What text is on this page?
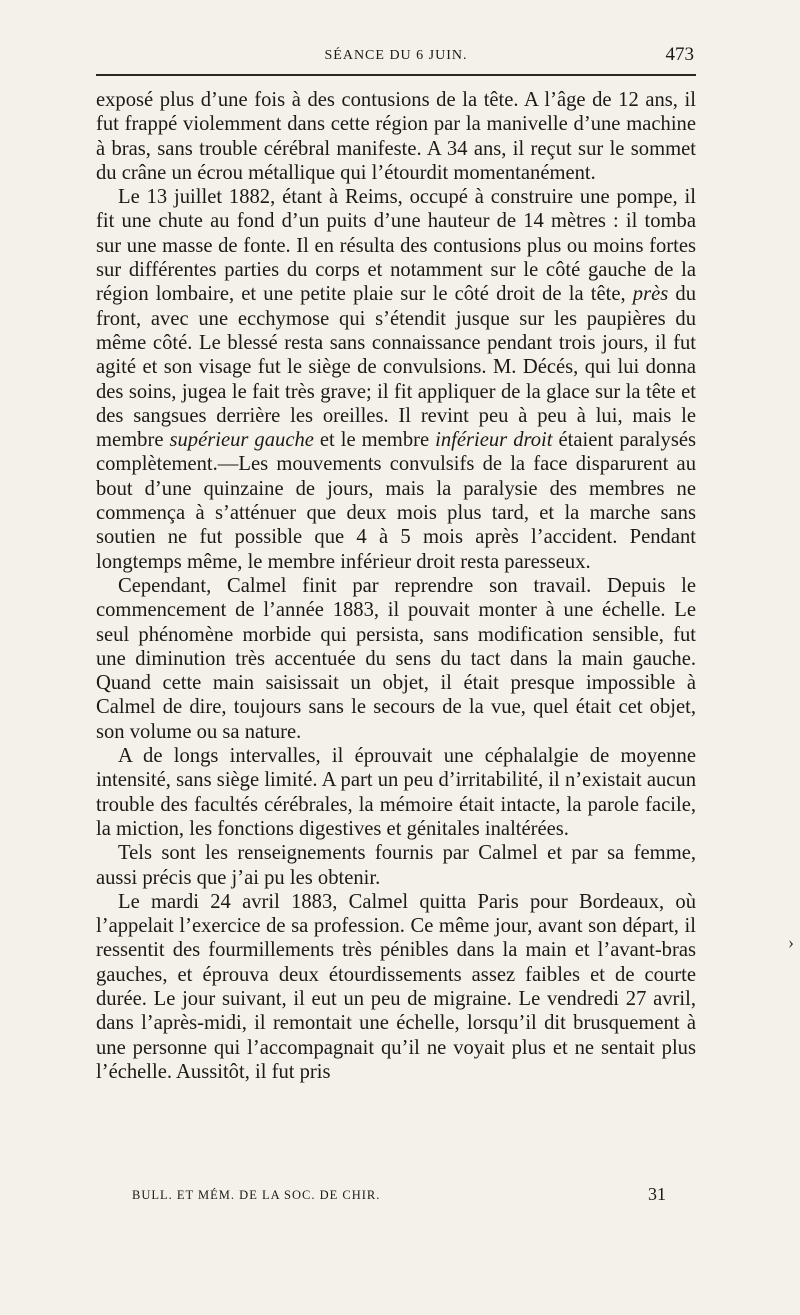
SÉANCE DU 6 JUIN.	473

exposé plus d’une fois à des contusions de la tête. A l’âge de 12 ans, il fut frappé violemment dans cette région par la manivelle d’une machine à bras, sans trouble cérébral manifeste. A 34 ans, il reçut sur le sommet du crâne un écrou métallique qui l’étourdit momentanément.

Le 13 juillet 1882, étant à Reims, occupé à construire une pompe, il fit une chute au fond d’un puits d’une hauteur de 14 mètres : il tomba sur une masse de fonte. Il en résulta des contusions plus ou moins fortes sur différentes parties du corps et notamment sur le côté gauche de la région lombaire, et une petite plaie sur le côté droit de la tête, près du front, avec une ecchymose qui s’étendit jusque sur les paupières du même côté. Le blessé resta sans connaissance pendant trois jours, il fut agité et son visage fut le siège de convulsions. M. Décés, qui lui donna des soins, jugea le fait très grave; il fit appliquer de la glace sur la tête et des sangsues derrière les oreilles. Il revint peu à peu à lui, mais le membre supérieur gauche et le membre inférieur droit étaient paralysés complètement.—Les mouvements convulsifs de la face disparurent au bout d’une quinzaine de jours, mais la paralysie des membres ne commença à s’atténuer que deux mois plus tard, et la marche sans soutien ne fut possible que 4 à 5 mois après l’accident. Pendant longtemps même, le membre inférieur droit resta paresseux.

Cependant, Calmel finit par reprendre son travail. Depuis le commencement de l’année 1883, il pouvait monter à une échelle. Le seul phénomène morbide qui persista, sans modification sensible, fut une diminution très accentuée du sens du tact dans la main gauche. Quand cette main saisissait un objet, il était presque impossible à Calmel de dire, toujours sans le secours de la vue, quel était cet objet, son volume ou sa nature.

A de longs intervalles, il éprouvait une céphalalgie de moyenne intensité, sans siège limité. A part un peu d’irritabilité, il n’existait aucun trouble des facultés cérébrales, la mémoire était intacte, la parole facile, la miction, les fonctions digestives et génitales inaltérées.

Tels sont les renseignements fournis par Calmel et par sa femme, aussi précis que j’ai pu les obtenir.

Le mardi 24 avril 1883, Calmel quitta Paris pour Bordeaux, où l’appelait l’exercice de sa profession. Ce même jour, avant son départ, il ressentit des fourmillements très pénibles dans la main et l’avant-bras gauches, et éprouva deux étourdissements assez faibles et de courte durée. Le jour suivant, il eut un peu de migraine. Le vendredi 27 avril, dans l’après-midi, il remontait une échelle, lorsqu’il dit brusquement à une personne qui l’accompagnait qu’il ne voyait plus et ne sentait plus l’échelle. Aussitôt, il fut pris

›
BULL. ET MÉM. DE LA SOC. DE CHIR.	31
